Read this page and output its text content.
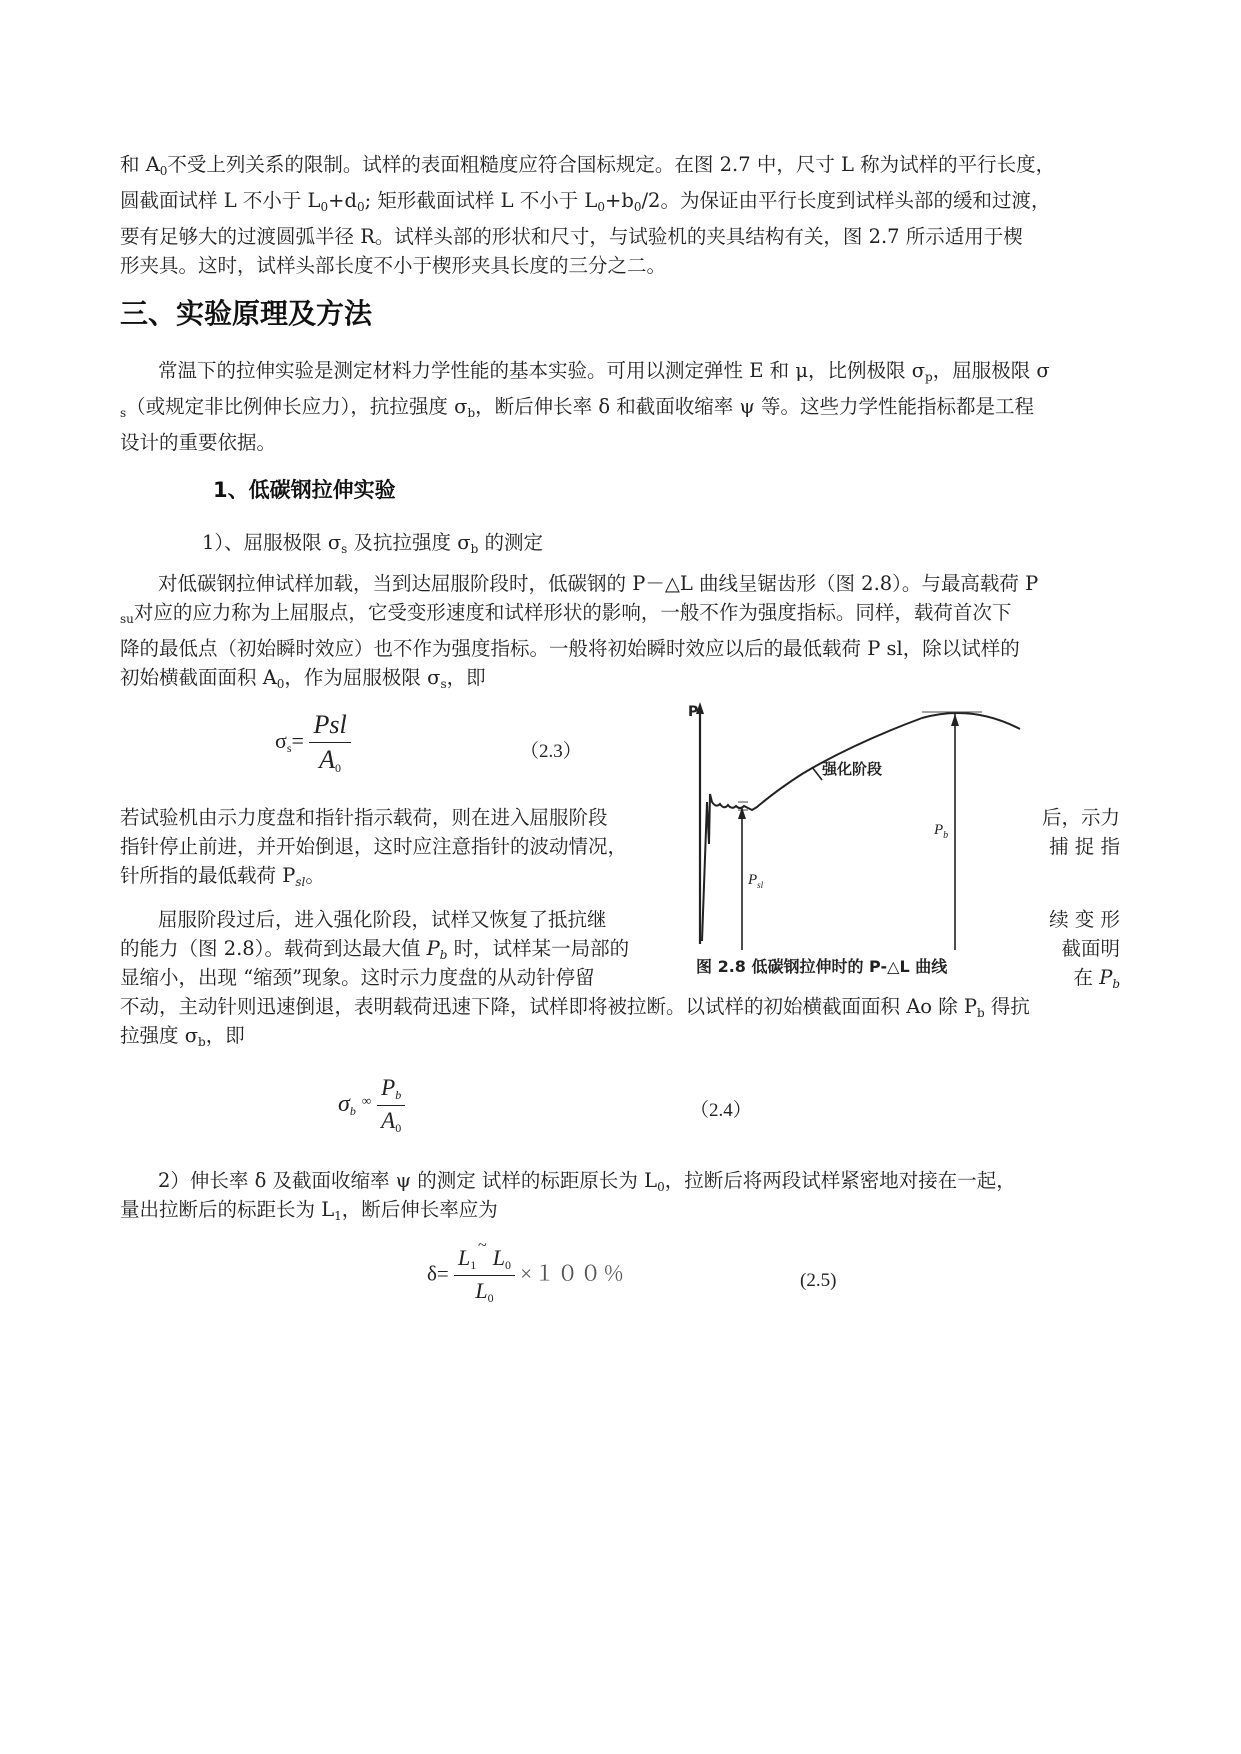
和 $A_0$不受上列关系的限制。试样的表面粗糙度应符合国标规定。在图 2.7 中，尺寸 L 称为试样的平行长度，
圆截面试样 L 不小于 $L_0+d_0$; 矩形截面试样 L 不小于 $L_0+b_0/2$。为保证由平行长度到试样头部的缓和过渡，
要有足够大的过渡圆弧半径 R。试样头部的形状和尺寸，与试验机的夹具结构有关，图 2.7 所示适用于楔
形夹具。这时，试样头部长度不小于楔形夹具长度的三分之二。
三、实验原理及方法
常温下的拉伸实验是测定材料力学性能的基本实验。可用以测定弹性 E 和 μ，比例极限 $\sigma_p$，屈服极限 σ
$_s$（或规定非比例伸长应力），抗拉强度 $\sigma_b$，断后伸长率 δ 和截面收缩率 ψ 等。这些力学性能指标都是工程
设计的重要依据。
1、低碳钢拉伸实验
1）、屈服极限 $\sigma_s$ 及抗拉强度 $\sigma_b$ 的测定
对低碳钢拉伸试样加载，当到达屈服阶段时，低碳钢的 P－△L 曲线呈锯齿形（图 2.8）。与最高载荷 P
$_{su}$对应的应力称为上屈服点，它受变形速度和试样形状的影响，一般不作为强度指标。同样，载荷首次下
降的最低点（初始瞬时效应）也不作为强度指标。一般将初始瞬时效应以后的最低载荷 P sl，除以试样的
初始横截面面积 $A_0$，作为屈服极限 $\sigma_s$，即
$\sigma_s= \frac{\text{Psl}}{A_0}$	（2.3）
P
强化阶段
$P_b$
$P_{sl}$
图 2.8 低碳钢拉伸时的 P-△L 曲线
若试验机由示力度盘和指针指示载荷，则在进入屈服阶段	后，示力
指针停止前进，并开始倒退，这时应注意指针的波动情况，	捕 捉 指
针所指的最低载荷 $P_{sl}$。
屈服阶段过后，进入强化阶段，试样又恢复了抵抗继	续 变 形
的能力（图 2.8）。载荷到达最大值 $P_b$ 时，试样某一局部的	截面明
显缩小，出现 “缩颈”现象。这时示力度盘的从动针停留	在 $P_b$
不动，主动针则迅速倒退，表明载荷迅速下降，试样即将被拉断。以试样的初始横截面面积 Ao 除 $P_b$ 得抗
拉强度 $\sigma_b$，即
$\sigma_b$ $^\infty \frac{P_b}{A_0}$	（2.4）
2）伸长率 δ 及截面收缩率 ψ 的测定 试样的标距原长为 $L_0$，拉断后将两段试样紧密地对接在一起，
量出拉断后的标距长为 $L_1$，断后伸长率应为
$\delta= L_1$
~ $L_0$
$L_0 \times 100$％	(2.5)
